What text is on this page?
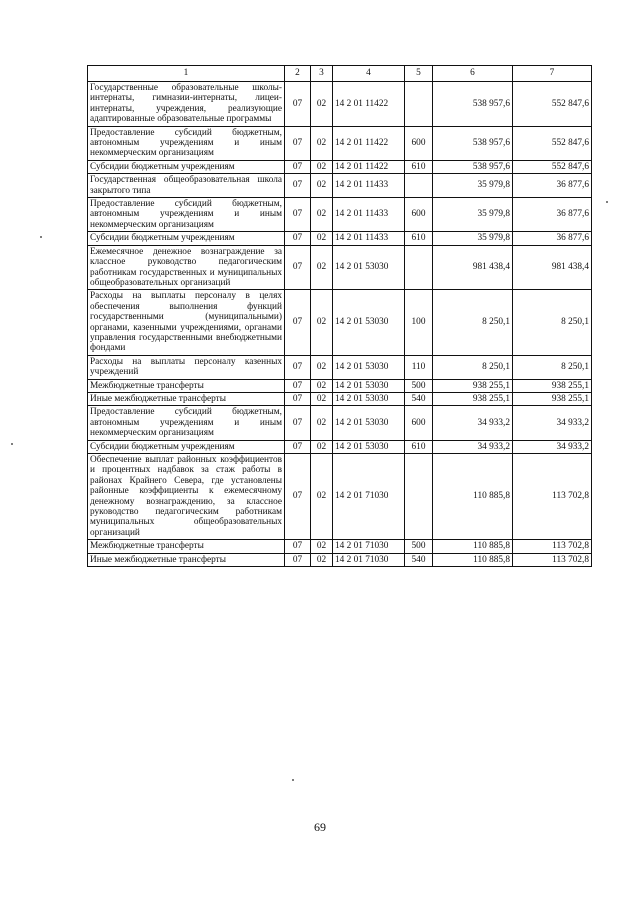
1	2	3	4	5	6	7
Государственные образовательные школы-интернаты, гимназии-интернаты, лицеи-интернаты, учреждения, реализующие адаптированные образовательные программы	07	02	14 2 01 11422		538 957,6	552 847,6
Предоставление субсидий бюджетным, автономным учреждениям и иным некоммерческим организациям	07	02	14 2 01 11422	600	538 957,6	552 847,6
Субсидии бюджетным учреждениям	07	02	14 2 01 11422	610	538 957,6	552 847,6
Государственная общеобразовательная школа закрытого типа	07	02	14 2 01 11433		35 979,8	36 877,6
Предоставление субсидий бюджетным, автономным учреждениям и иным некоммерческим организациям	07	02	14 2 01 11433	600	35 979,8	36 877,6
Субсидии бюджетным учреждениям	07	02	14 2 01 11433	610	35 979,8	36 877,6
Ежемесячное денежное вознаграждение за классное руководство педагогическим работникам государственных и муниципальных общеобразовательных организаций	07	02	14 2 01 53030		981 438,4	981 438,4
Расходы на выплаты персоналу в целях обеспечения выполнения функций государственными (муниципальными) органами, казенными учреждениями, органами управления государственными внебюджетными фондами	07	02	14 2 01 53030	100	8 250,1	8 250,1
Расходы на выплаты персоналу казенных учреждений	07	02	14 2 01 53030	110	8 250,1	8 250,1
Межбюджетные трансферты	07	02	14 2 01 53030	500	938 255,1	938 255,1
Иные межбюджетные трансферты	07	02	14 2 01 53030	540	938 255,1	938 255,1
Предоставление субсидий бюджетным, автономным учреждениям и иным некоммерческим организациям	07	02	14 2 01 53030	600	34 933,2	34 933,2
Субсидии бюджетным учреждениям	07	02	14 2 01 53030	610	34 933,2	34 933,2
Обеспечение выплат районных коэффициентов и процентных надбавок за стаж работы в районах Крайнего Севера, где установлены районные коэффициенты к ежемесячному денежному вознаграждению, за классное руководство педагогическим работникам муниципальных общеобразовательных организаций	07	02	14 2 01 71030		110 885,8	113 702,8
Межбюджетные трансферты	07	02	14 2 01 71030	500	110 885,8	113 702,8
Иные межбюджетные трансферты	07	02	14 2 01 71030	540	110 885,8	113 702,8
69
